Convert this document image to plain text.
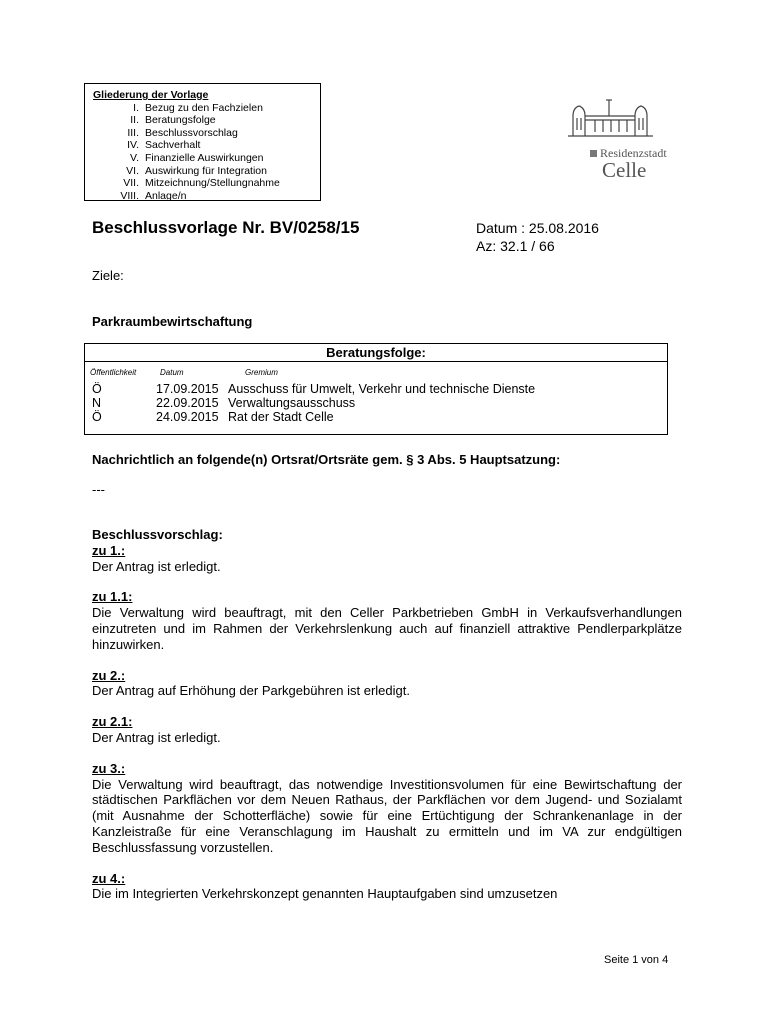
Gliederung der Vorlage
I. Bezug zu den Fachzielen
II. Beratungsfolge
III. Beschlussvorschlag
IV. Sachverhalt
V. Finanzielle Auswirkungen
VI. Auswirkung für Integration
VII. Mitzeichnung/Stellungnahme
VIII. Anlage/n
Residenzstadt
Celle
Beschlussvorlage Nr. BV/0258/15	Datum : 25.08.2016
Az: 32.1 / 66
Ziele:
Parkraumbewirtschaftung
Beratungsfolge:
Öffentlichkeit	Datum	Gremium
Ö	17.09.2015 Ausschuss für Umwelt, Verkehr und technische Dienste
N	22.09.2015 Verwaltungsausschuss
Ö	24.09.2015 Rat der Stadt Celle
Nachrichtlich an folgende(n) Ortsrat/Ortsräte gem. § 3 Abs. 5 Hauptsatzung:
---
Beschlussvorschlag:
zu 1.:

Der Antrag ist erledigt.

zu 1.1:

Die Verwaltung wird beauftragt, mit den Celler Parkbetrieben GmbH in Verkaufsverhandlungen einzutreten und im Rahmen der Verkehrslenkung auch auf finanziell attraktive Pendlerparkplätze hinzuwirken.

zu 2.:

Der Antrag auf Erhöhung der Parkgebühren ist erledigt.

zu 2.1:

Der Antrag ist erledigt.

zu 3.:

Die Verwaltung wird beauftragt, das notwendige Investitionsvolumen für eine Bewirtschaftung der städtischen Parkflächen vor dem Neuen Rathaus, der Parkflächen vor dem Jugend- und Sozialamt (mit Ausnahme der Schotterfläche) sowie für eine Ertüchtigung der Schrankenanlage in der Kanzleistraße für eine Veranschlagung im Haushalt zu ermitteln und im VA zur endgültigen Beschlussfassung vorzustellen.

zu 4.:

Die im Integrierten Verkehrskonzept genannten Hauptaufgaben sind umzusetzen

Seite 1 von 4
